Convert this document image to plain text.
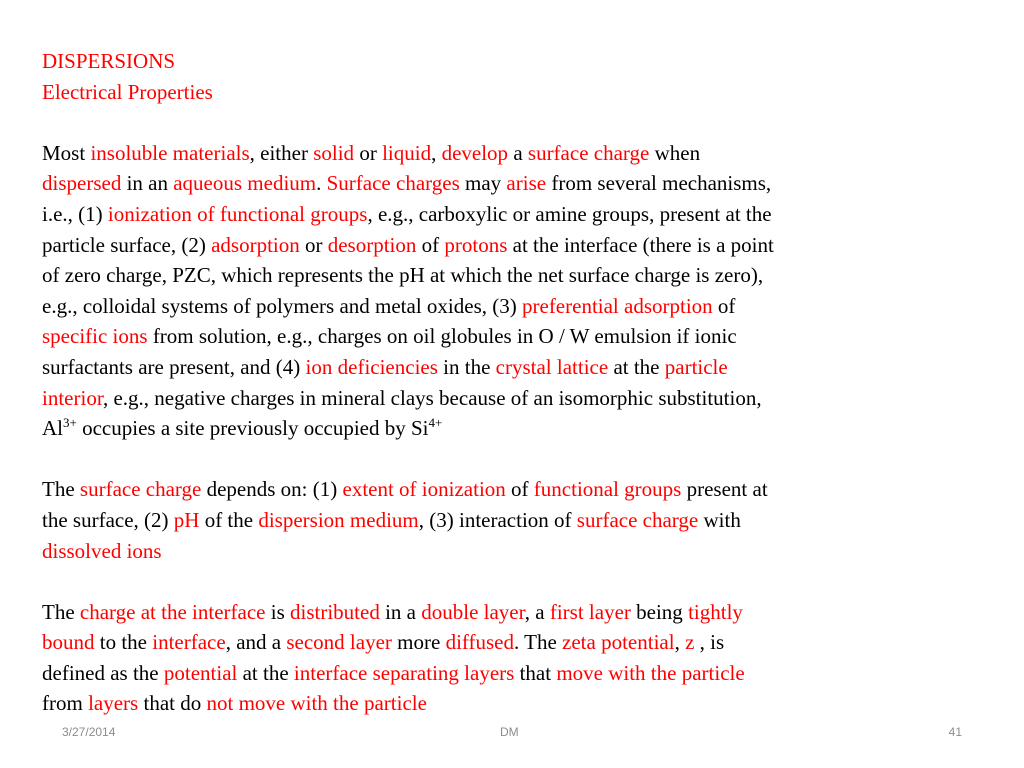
DISPERSIONS
Electrical Properties
Most insoluble materials, either solid or liquid, develop a surface charge when
dispersed in an aqueous medium. Surface charges may arise from several mechanisms,
i.e., (1) ionization of functional groups, e.g., carboxylic or amine groups, present at the
particle surface, (2) adsorption or desorption of protons at the interface (there is a point
of zero charge, PZC, which represents the pH at which the net surface charge is zero),
e.g., colloidal systems of polymers and metal oxides, (3) preferential adsorption of
specific ions from solution, e.g., charges on oil globules in O / W emulsion if ionic
surfactants are present, and (4) ion deficiencies in the crystal lattice at the particle
interior, e.g., negative charges in mineral clays because of an isomorphic substitution,
$Al^{3+}$ occupies a site previously occupied by $Si^{4+}$
The surface charge depends on: (1) extent of ionization of functional groups present at
the surface, (2) pH of the dispersion medium, (3) interaction of surface charge with
dissolved ions
The charge at the interface is distributed in a double layer, a first layer being tightly
bound to the interface, and a second layer more diffused. The zeta potential, z , is
defined as the potential at the interface separating layers that move with the particle
from layers that do not move with the particle
3/27/2014	DM	41
